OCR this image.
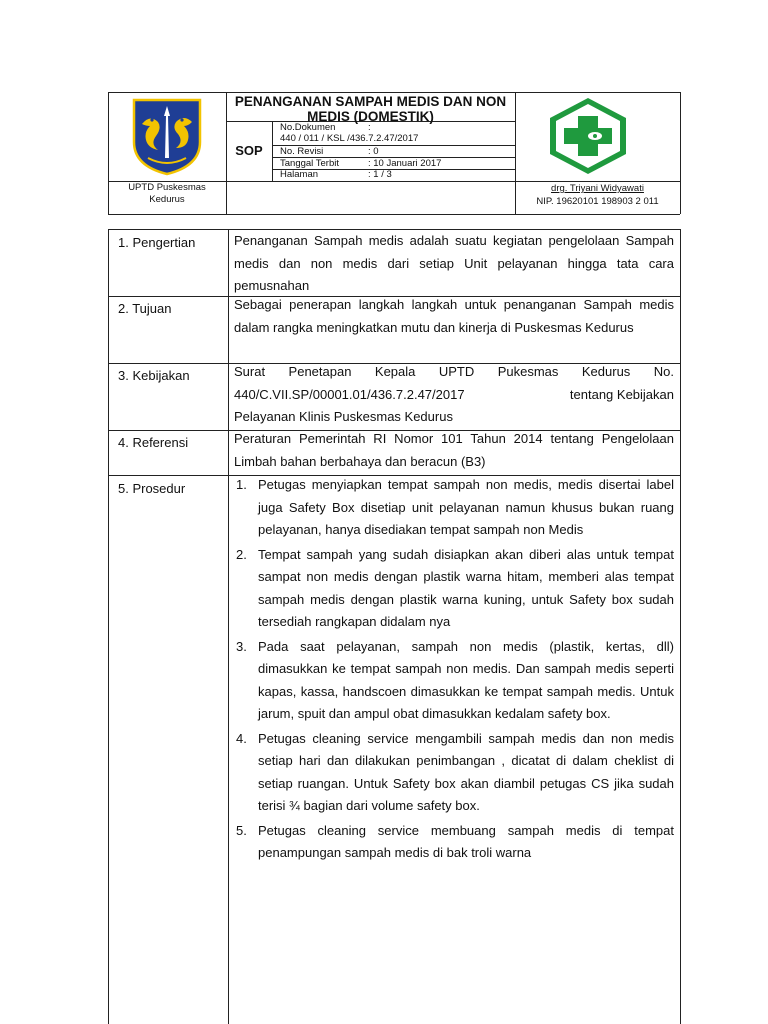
PENANGANAN SAMPAH MEDIS DAN NON MEDIS (DOMESTIK)
SOP
No.Dokumen	:
440 / 011 / KSL /436.7.2.47/2017
No. Revisi	: 0
Tanggal Terbit	: 10 Januari 2017
Halaman	: 1 / 3
UPTD Puskesmas
Kedurus
drg. Triyani Widyawati
NIP. 19620101 198903 2 011
1. Pengertian	Penanganan Sampah medis adalah suatu kegiatan pengelolaan Sampah medis dan non medis dari setiap Unit pelayanan hingga tata cara pemusnahan

2. Tujuan	Sebagai penerapan langkah langkah untuk penanganan Sampah medis dalam rangka meningkatkan mutu dan kinerja di Puskesmas Kedurus

3. Kebijakan	Surat Penetapan Kepala UPTD Pukesmas Kedurus No.
440/C.VII.SP/00001.01/436.7.2.47/2017	tentang Kebijakan
Pelayanan Klinis Puskesmas Kedurus
4. Referensi	Peraturan Pemerintah RI Nomor 101 Tahun 2014 tentang Pengelolaan Limbah bahan berbahaya dan beracun (B3)

5. Prosedur	1. Petugas menyiapkan tempat sampah non medis, medis disertai label juga Safety Box disetiap unit pelayanan namun khusus bukan ruang pelayanan, hanya disediakan tempat sampah non Medis
2. Tempat sampah yang sudah disiapkan akan diberi alas untuk tempat sampat non medis dengan plastik warna hitam, memberi alas tempat sampah medis dengan plastik warna kuning, untuk Safety box sudah tersediah rangkapan didalam nya
3. Pada saat pelayanan, sampah non medis (plastik, kertas, dll) dimasukkan ke tempat sampah non medis. Dan sampah medis seperti kapas, kassa, handscoen dimasukkan ke tempat sampah medis. Untuk jarum, spuit dan ampul obat dimasukkan kedalam safety box.
4. Petugas cleaning service mengambili sampah medis dan non medis setiap hari dan dilakukan penimbangan , dicatat di dalam cheklist di setiap ruangan. Untuk Safety box akan diambil petugas CS jika sudah terisi ¾ bagian dari volume safety box.
5. Petugas cleaning service membuang sampah medis di tempat penampungan sampah medis di bak troli warna
